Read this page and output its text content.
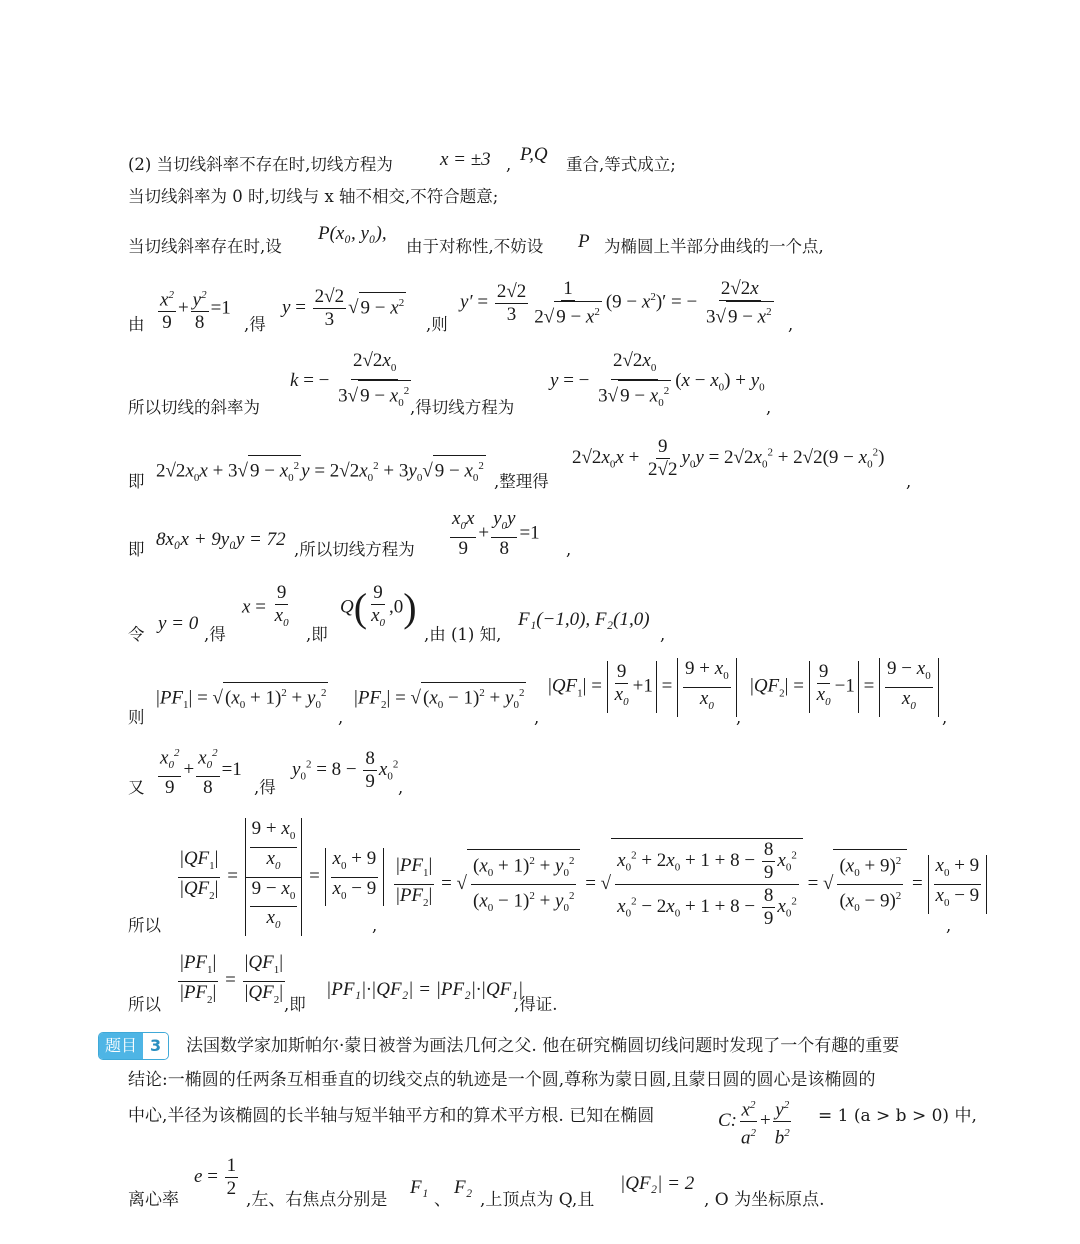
(2) 当切线斜率不存在时,切线方程为 x = ±3 , P,Q 重合,等式成立;
当切线斜率为 0 时,切线与 x 轴不相交,不符合题意;
当切线斜率存在时,设
P(x₀, y₀),
由于对称性,不妨设 P 为椭圆上半部分曲线的一个点,
由 $\frac{x^2}{9} + \frac{y^2}{8} =1$
,得
$y = \frac{2√2}{3}$ √ $9 - x^2$
,则
$y' = \frac{2√2}{3} \frac{1}{2√ 9 - x^2} (9 - x^2)'$ = − $\frac{2√2x}{3√ 9 - x^2}$ ,
所以切线的斜率为
k = − $\frac{2√2x_0}{3√ 9 - x_0^2}$
,得切线方程为
y = − $\frac{2√2x_0}{3√ 9 - x_0^2} (x - x_0) + y_0$
,
即
$2√2x_0x + 3√$ $9 - x_0^2$ $y = 2√2x_0^2 + 3y_0√$ $9 - x_0^2$
,整理得
$2√2x_0x + \frac{9}{2√2} y_0y = 2√2x_0^2 + 2√2(9 - x_0^2)$
,
即 8x₀x + 9y₀y = 72 ,所以切线方程为 $\frac{x_0x}{9} + \frac{y_0y}{8} =1$
,
令
y = 0
,得
$x = \frac{9}{x_0}$
,即
$Q( \frac{9}{x_0} ,0)$
,由 (1) 知,
F₁(−1,0), F₂(1,0)
,
则
$|PF_1|$ = √ $(x_0 + 1)^2 + y_0^2$
,
$|PF_2|$ = √ $(x_0 - 1)^2 + y_0^2$
,
$|QF_1| = \frac{9}{x_0} +1 = \frac{9 + x_0}{x_0}$
,
$|QF_2| = \frac{9}{x_0} -1 = \frac{9 - x_0}{x_0}$
,
又 $\frac{x_0^2}{9} + \frac{x_0^2}{8} =1$
,得
$y_0^2 = 8 - \frac{8}{9} x_0^2$
,
所以
$\frac{|QF_1|}{|QF_2|} = \frac{\frac{9 + x_0}{x_0}}{\frac{9 - x_0}{x_0}} = \frac{x_0 + 9}{x_0 - 9}$
,
$\frac{|PF_1|}{|PF_2|}$ = √ $\frac{(x_0 + 1)^2 + y_0^2}{(x_0 - 1)^2 + y_0^2}$ = √ $\frac{x_0^2 + 2x_0 + 1 + 8 - \frac{8}{9} x_0^2}{x_0^2 - 2x_0 + 1 + 8 - \frac{8}{9} x_0^2}$ = √ $\frac{(x_0 + 9)^2}{(x_0 - 9)^2} = \frac{x_0 + 9}{x_0 - 9}$
,
所以 $\frac{|PF_1|}{|PF_2|} = \frac{|QF_1|}{|QF_2|}$
,即
|PF₁|·|QF₂| = |PF₂|·|QF₁|
,得证.
题目 3	法国数学家加斯帕尔·蒙日被誉为画法几何之父. 他在研究椭圆切线问题时发现了一个有趣的重要
结论:一椭圆的任两条互相垂直的切线交点的轨迹是一个圆,尊称为蒙日圆,且蒙日圆的圆心是该椭圆的
中心,半径为该椭圆的长半轴与短半轴平方和的算术平方根. 已知在椭圆	C: $\frac{x^2}{a^2} + \frac{y^2}{b^2} = 1$ (a > b > 0) 中,
离心率
$e = \frac{1}{2}$ ,左、右焦点分别是
F₁
、
F₂
,上顶点为 Q,且
|QF₂| = 2
, O 为坐标原点.
